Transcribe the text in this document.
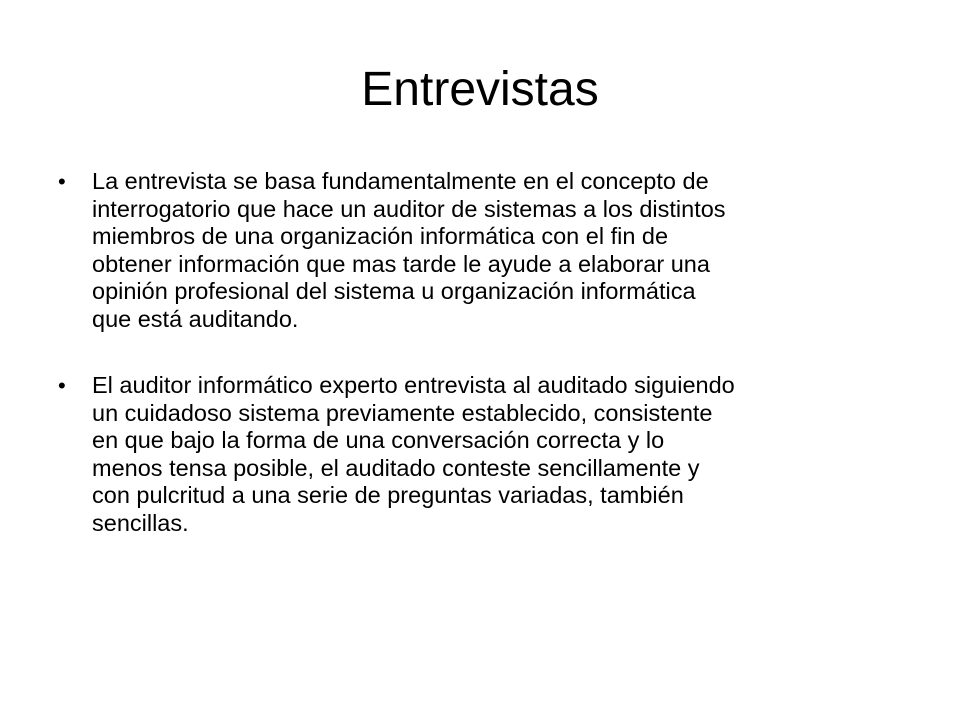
Entrevistas
• La entrevista se basa fundamentalmente en el concepto de
interrogatorio que hace un auditor de sistemas a los distintos
miembros de una organización informática con el fin de
obtener información que mas tarde le ayude a elaborar una
opinión profesional del sistema u organización informática
que está auditando.
• El auditor informático experto entrevista al auditado siguiendo
un cuidadoso sistema previamente establecido, consistente
en que bajo la forma de una conversación correcta y lo
menos tensa posible, el auditado conteste sencillamente y
con pulcritud a una serie de preguntas variadas, también
sencillas.
